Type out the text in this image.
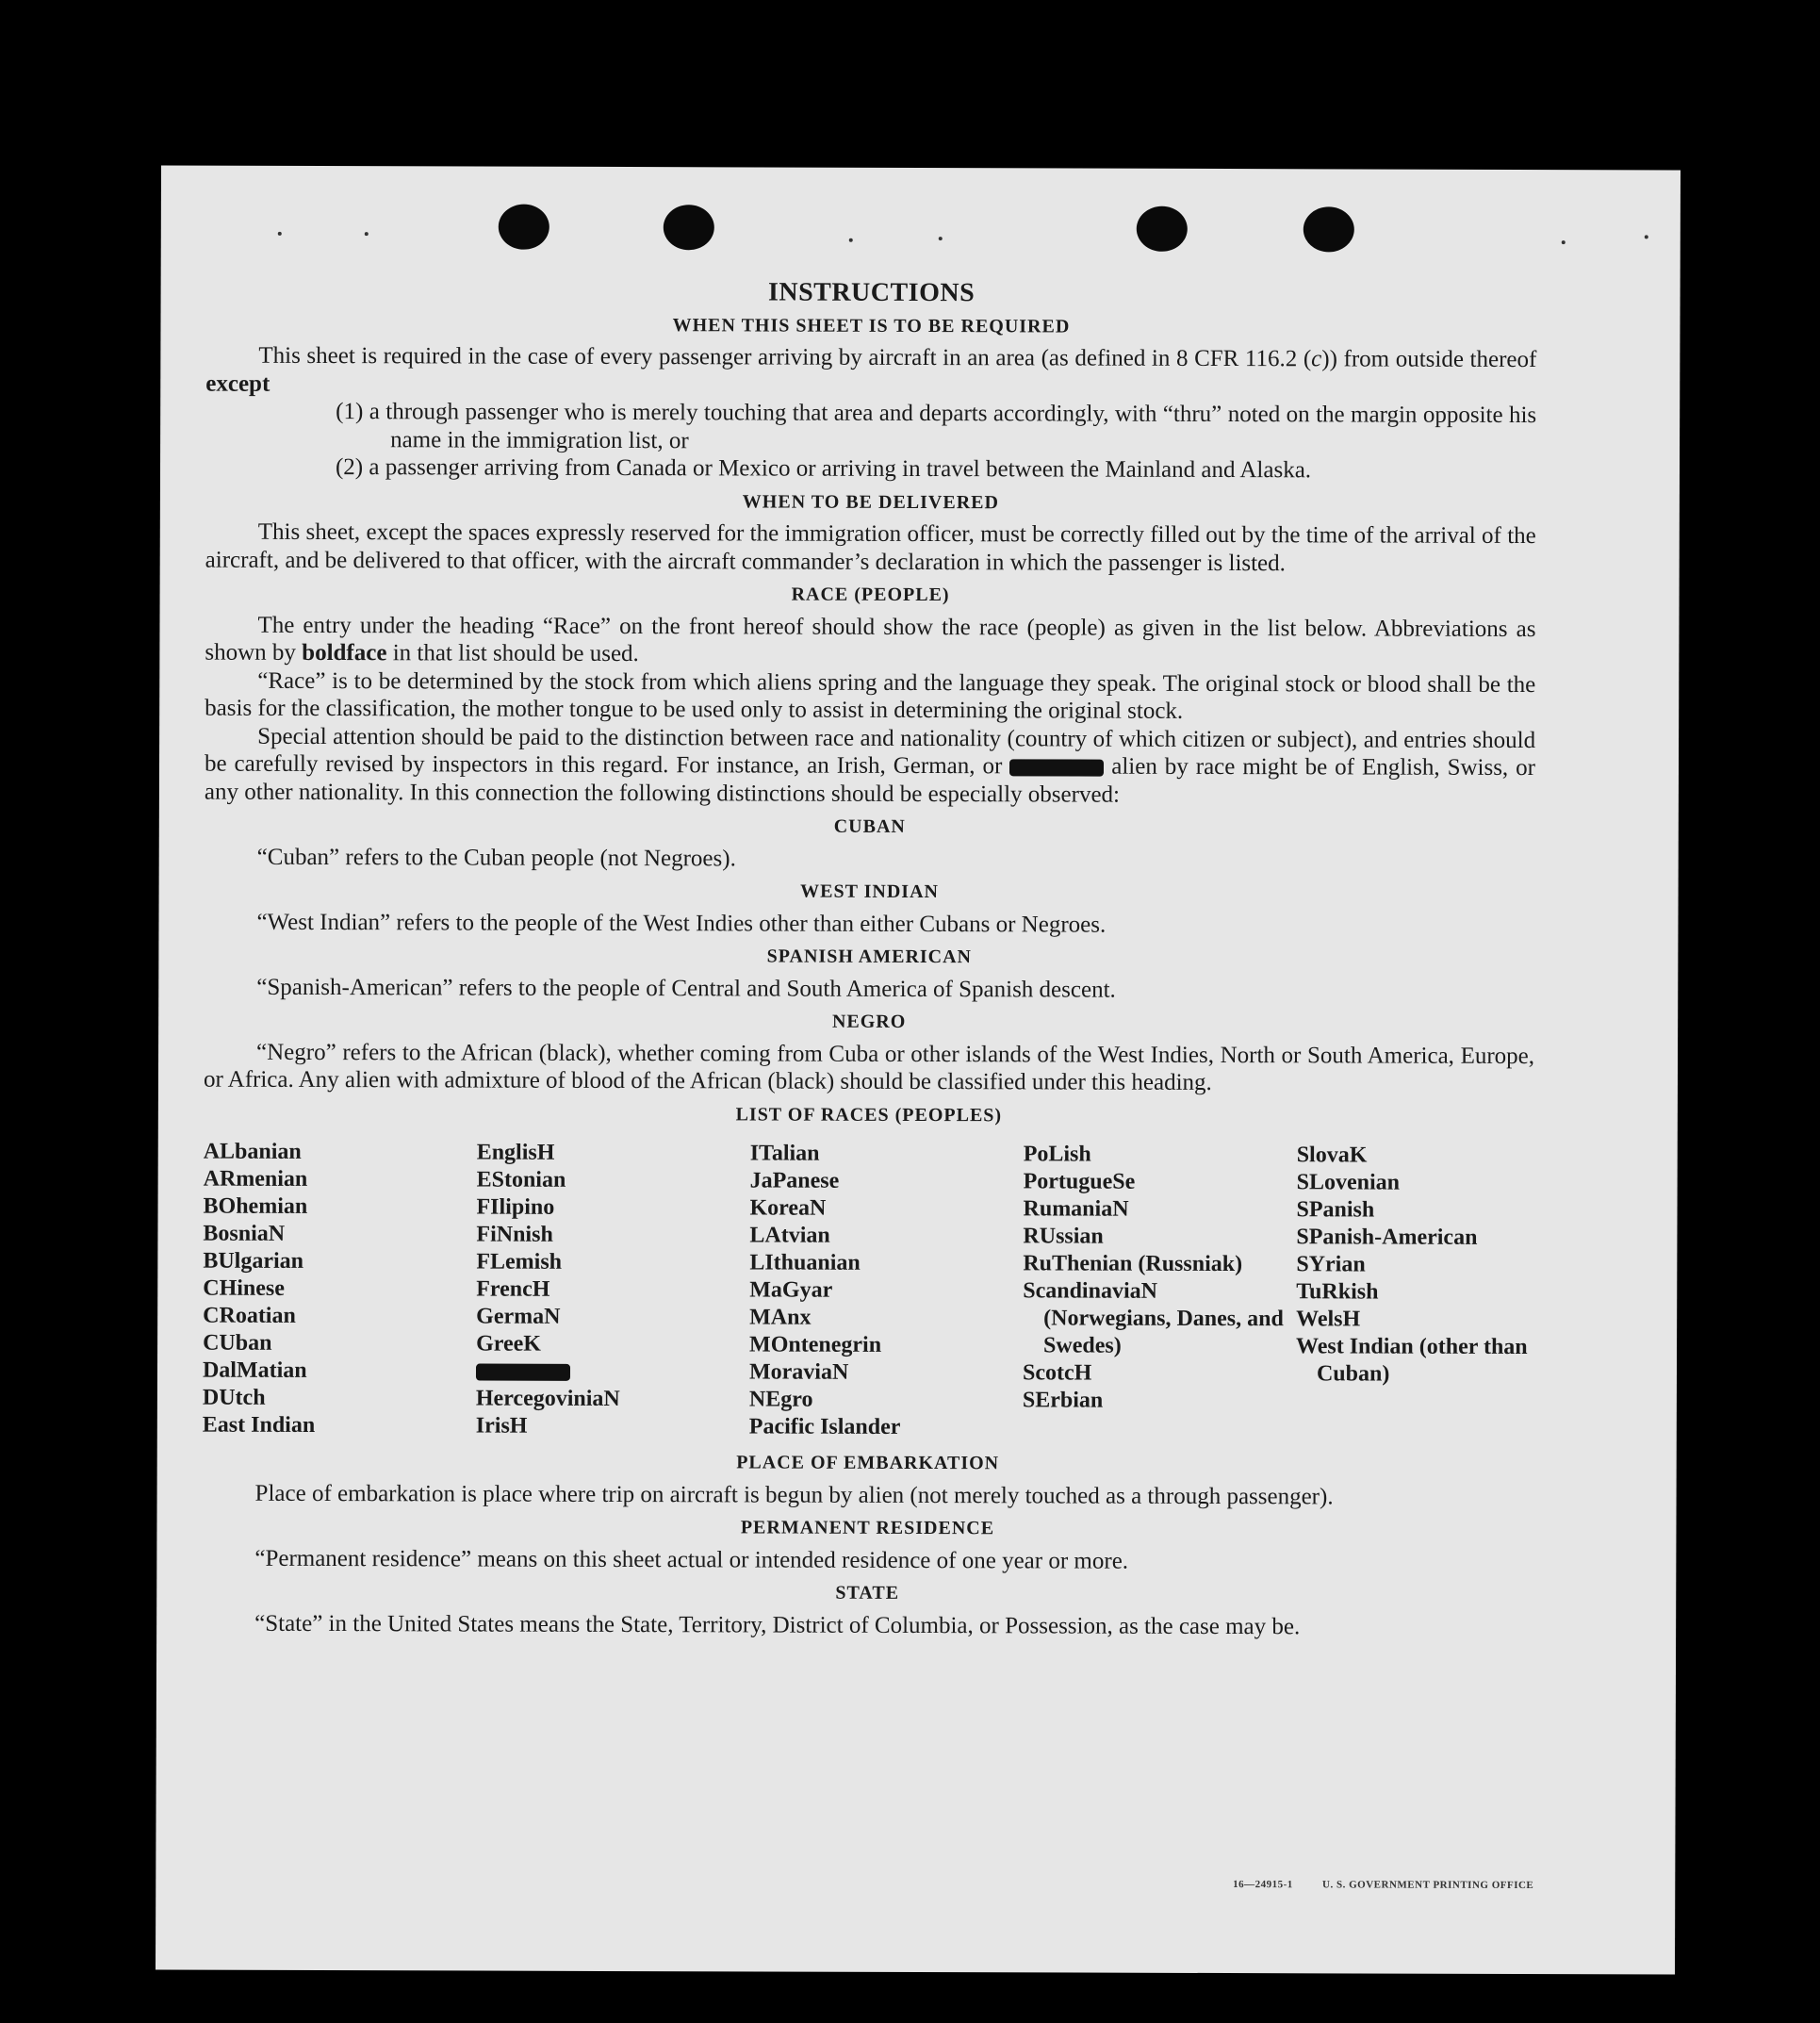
INSTRUCTIONS
WHEN THIS SHEET IS TO BE REQUIRED

This sheet is required in the case of every passenger arriving by aircraft in an area (as defined in 8 CFR 116.2 (c)) from outside thereof except

(1) a through passenger who is merely touching that area and departs accordingly, with “thru” noted on the margin opposite his name in the immigration list, or
(2) a passenger arriving from Canada or Mexico or arriving in travel between the Mainland and Alaska.
WHEN TO BE DELIVERED

This sheet, except the spaces expressly reserved for the immigration officer, must be correctly filled out by the time of the arrival of the aircraft, and be delivered to that officer, with the aircraft commander’s declaration in which the passenger is listed.

RACE (PEOPLE)

The entry under the heading “Race” on the front hereof should show the race (people) as given in the list below. Abbreviations as shown by boldface in that list should be used.

“Race” is to be determined by the stock from which aliens spring and the language they speak. The original stock or blood shall be the basis for the classification, the mother tongue to be used only to assist in determining the original stock.

Special attention should be paid to the distinction between race and nationality (country of which citizen or subject), and entries should be carefully revised by inspectors in this regard. For instance, an Irish, German, or	alien by race might be of English, Swiss, or any other nationality. In this connection the following distinctions should be especially observed:

CUBAN

“Cuban” refers to the Cuban people (not Negroes).

WEST INDIAN

“West Indian” refers to the people of the West Indies other than either Cubans or Negroes.

SPANISH AMERICAN

“Spanish-American” refers to the people of Central and South America of Spanish descent.

NEGRO

“Negro” refers to the African (black), whether coming from Cuba or other islands of the West Indies, North or South America, Europe, or Africa. Any alien with admixture of blood of the African (black) should be classified under this heading.

LIST OF RACES (PEOPLES)
ALbanian
ARmenian
BOhemian
BosniaN
BUlgarian
CHinese
CRoatian
CUban
DalMatian
DUtch
East Indian
EnglisH
EStonian
FIlipino
FiNnish
FLemish
FrencH
GermaN
GreeK
HercegoviniaN
IrisH
ITalian
JaPanese
KoreaN
LAtvian
LIthuanian
MaGyar
MAnx
MOntenegrin
MoraviaN
NEgro
Pacific Islander
PoLish
PortugueSe
RumaniaN
RUssian
RuThenian (Russniak)
ScandinaviaN (Norwegians, Danes, and Swedes)
ScotcH
SErbian
SlovaK
SLovenian
SPanish
SPanish-American
SYrian
TuRkish
WelsH
West Indian (other than Cuban)
PLACE OF EMBARKATION

Place of embarkation is place where trip on aircraft is begun by alien (not merely touched as a through passenger).

PERMANENT RESIDENCE

“Permanent residence” means on this sheet actual or intended residence of one year or more.

STATE

“State” in the United States means the State, Territory, District of Columbia, or Possession, as the case may be.

16—24915-1	U. S. GOVERNMENT PRINTING OFFICE
